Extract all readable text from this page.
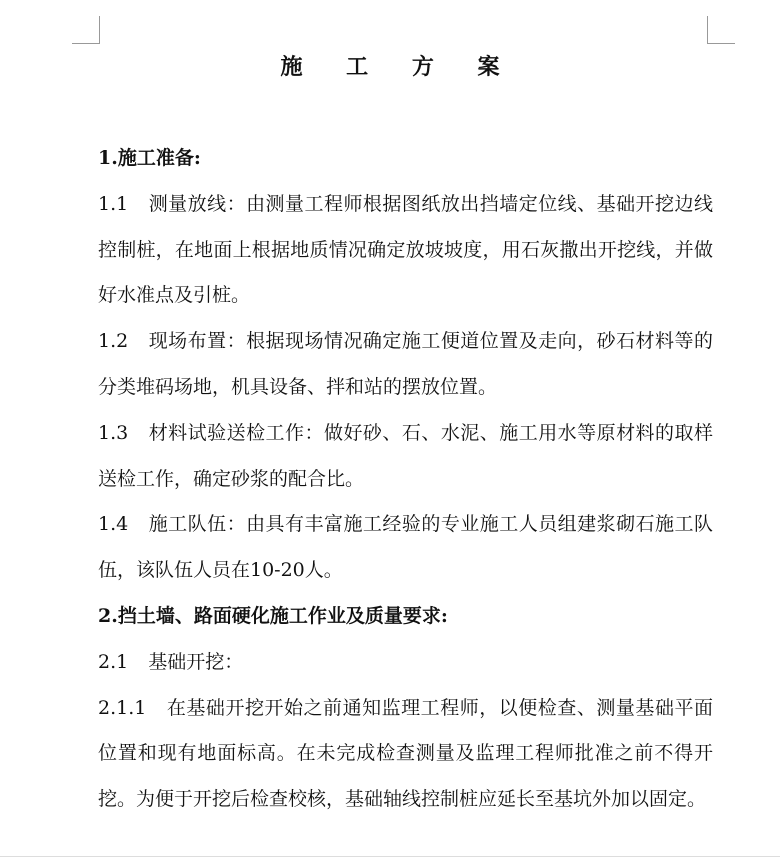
施 工 方 案

1.施工准备:

1.1 测量放线：由测量工程师根据图纸放出挡墙定位线、基础开挖边线控制桩，在地面上根据地质情况确定放坡坡度，用石灰撒出开挖线，并做好水准点及引桩。

1.2 现场布置：根据现场情况确定施工便道位置及走向，砂石材料等的分类堆码场地，机具设备、拌和站的摆放位置。

1.3 材料试验送检工作：做好砂、石、水泥、施工用水等原材料的取样送检工作，确定砂浆的配合比。

1.4 施工队伍：由具有丰富施工经验的专业施工人员组建浆砌石施工队伍，该队伍人员在10-20人。

2.挡土墙、路面硬化施工作业及质量要求:

2.1 基础开挖：

2.1.1 在基础开挖开始之前通知监理工程师，以便检查、测量基础平面位置和现有地面标高。在未完成检查测量及监理工程师批准之前不得开挖。为便于开挖后检查校核，基础轴线控制桩应延长至基坑外加以固定。
